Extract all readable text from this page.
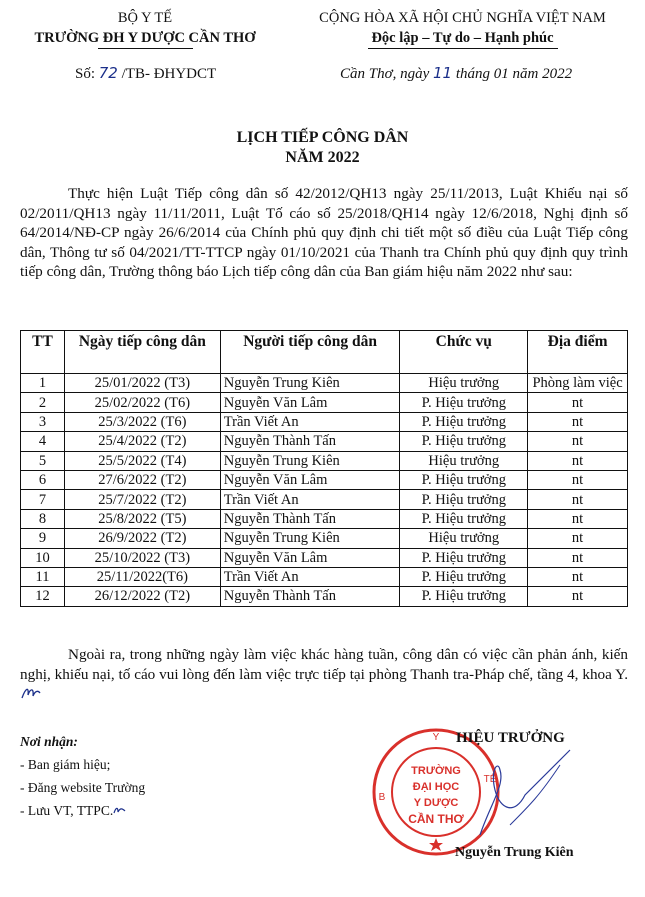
BỘ Y TẾ
TRƯỜNG ĐH Y DƯỢC CẦN THƠ
CỘNG HÒA XÃ HỘI CHỦ NGHĨA VIỆT NAM
Độc lập – Tự do – Hạnh phúc
Số: 72 /TB- ĐHYDCT	Cần Thơ, ngày 11 tháng 01 năm 2022
LỊCH TIẾP CÔNG DÂN
NĂM 2022
Thực hiện Luật Tiếp công dân số 42/2012/QH13 ngày 25/11/2013, Luật Khiếu nại số 02/2011/QH13 ngày 11/11/2011, Luật Tố cáo số 25/2018/QH14 ngày 12/6/2018, Nghị định số 64/2014/NĐ-CP ngày 26/6/2014 của Chính phủ quy định chi tiết một số điều của Luật Tiếp công dân, Thông tư số 04/2021/TT-TTCP ngày 01/10/2021 của Thanh tra Chính phủ quy định quy trình tiếp công dân, Trường thông báo Lịch tiếp công dân của Ban giám hiệu năm 2022 như sau:
TT	Ngày tiếp công dân	Người tiếp công dân	Chức vụ	Địa điểm
1	25/01/2022 (T3)	Nguyễn Trung Kiên	Hiệu trưởng	Phòng làm việc
2	25/02/2022 (T6)	Nguyễn Văn Lâm	P. Hiệu trưởng	nt
3	25/3/2022 (T6)	Trần Viết An	P. Hiệu trưởng	nt
4	25/4/2022 (T2)	Nguyễn Thành Tấn	P. Hiệu trưởng	nt
5	25/5/2022 (T4)	Nguyễn Trung Kiên	Hiệu trưởng	nt
6	27/6/2022 (T2)	Nguyễn Văn Lâm	P. Hiệu trưởng	nt
7	25/7/2022 (T2)	Trần Viết An	P. Hiệu trưởng	nt
8	25/8/2022 (T5)	Nguyễn Thành Tấn	P. Hiệu trưởng	nt
9	26/9/2022 (T2)	Nguyễn Trung Kiên	Hiệu trưởng	nt
10	25/10/2022 (T3)	Nguyễn Văn Lâm	P. Hiệu trưởng	nt
11	25/11/2022(T6)	Trần Viết An	P. Hiệu trưởng	nt
12	26/12/2022 (T2)	Nguyễn Thành Tấn	P. Hiệu trưởng	nt
Ngoài ra, trong những ngày làm việc khác hàng tuần, công dân có việc cần phản ánh, kiến nghị, khiếu nại, tố cáo vui lòng đến làm việc trực tiếp tại phòng Thanh tra-Pháp chế, tầng 4, khoa Y.
Nơi nhận:
- Ban giám hiệu;
- Đăng website Trường
- Lưu VT, TTPC.
Y
B
TẾ
TRƯỜNG
ĐẠI HỌC
Y DƯỢC
CẦN THƠ
HIỆU TRƯỞNG
Nguyễn Trung Kiên
